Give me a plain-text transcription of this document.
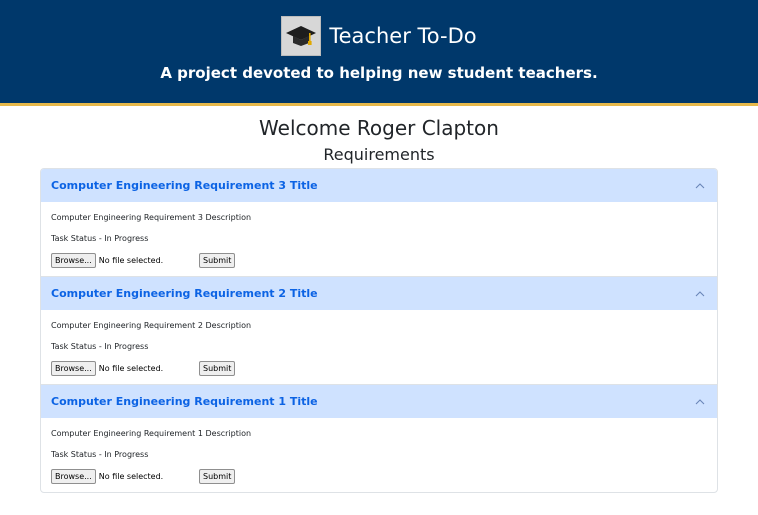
Teacher To-Do
A project devoted to helping new student teachers.
Welcome Roger Clapton
Requirements
Computer Engineering Requirement 3 Title
Computer Engineering Requirement 3 Description
Task Status - In Progress
Browse... No file selected.	Submit
Computer Engineering Requirement 2 Title
Computer Engineering Requirement 2 Description
Task Status - In Progress
Browse... No file selected.	Submit
Computer Engineering Requirement 1 Title
Computer Engineering Requirement 1 Description
Task Status - In Progress
Browse... No file selected.	Submit
